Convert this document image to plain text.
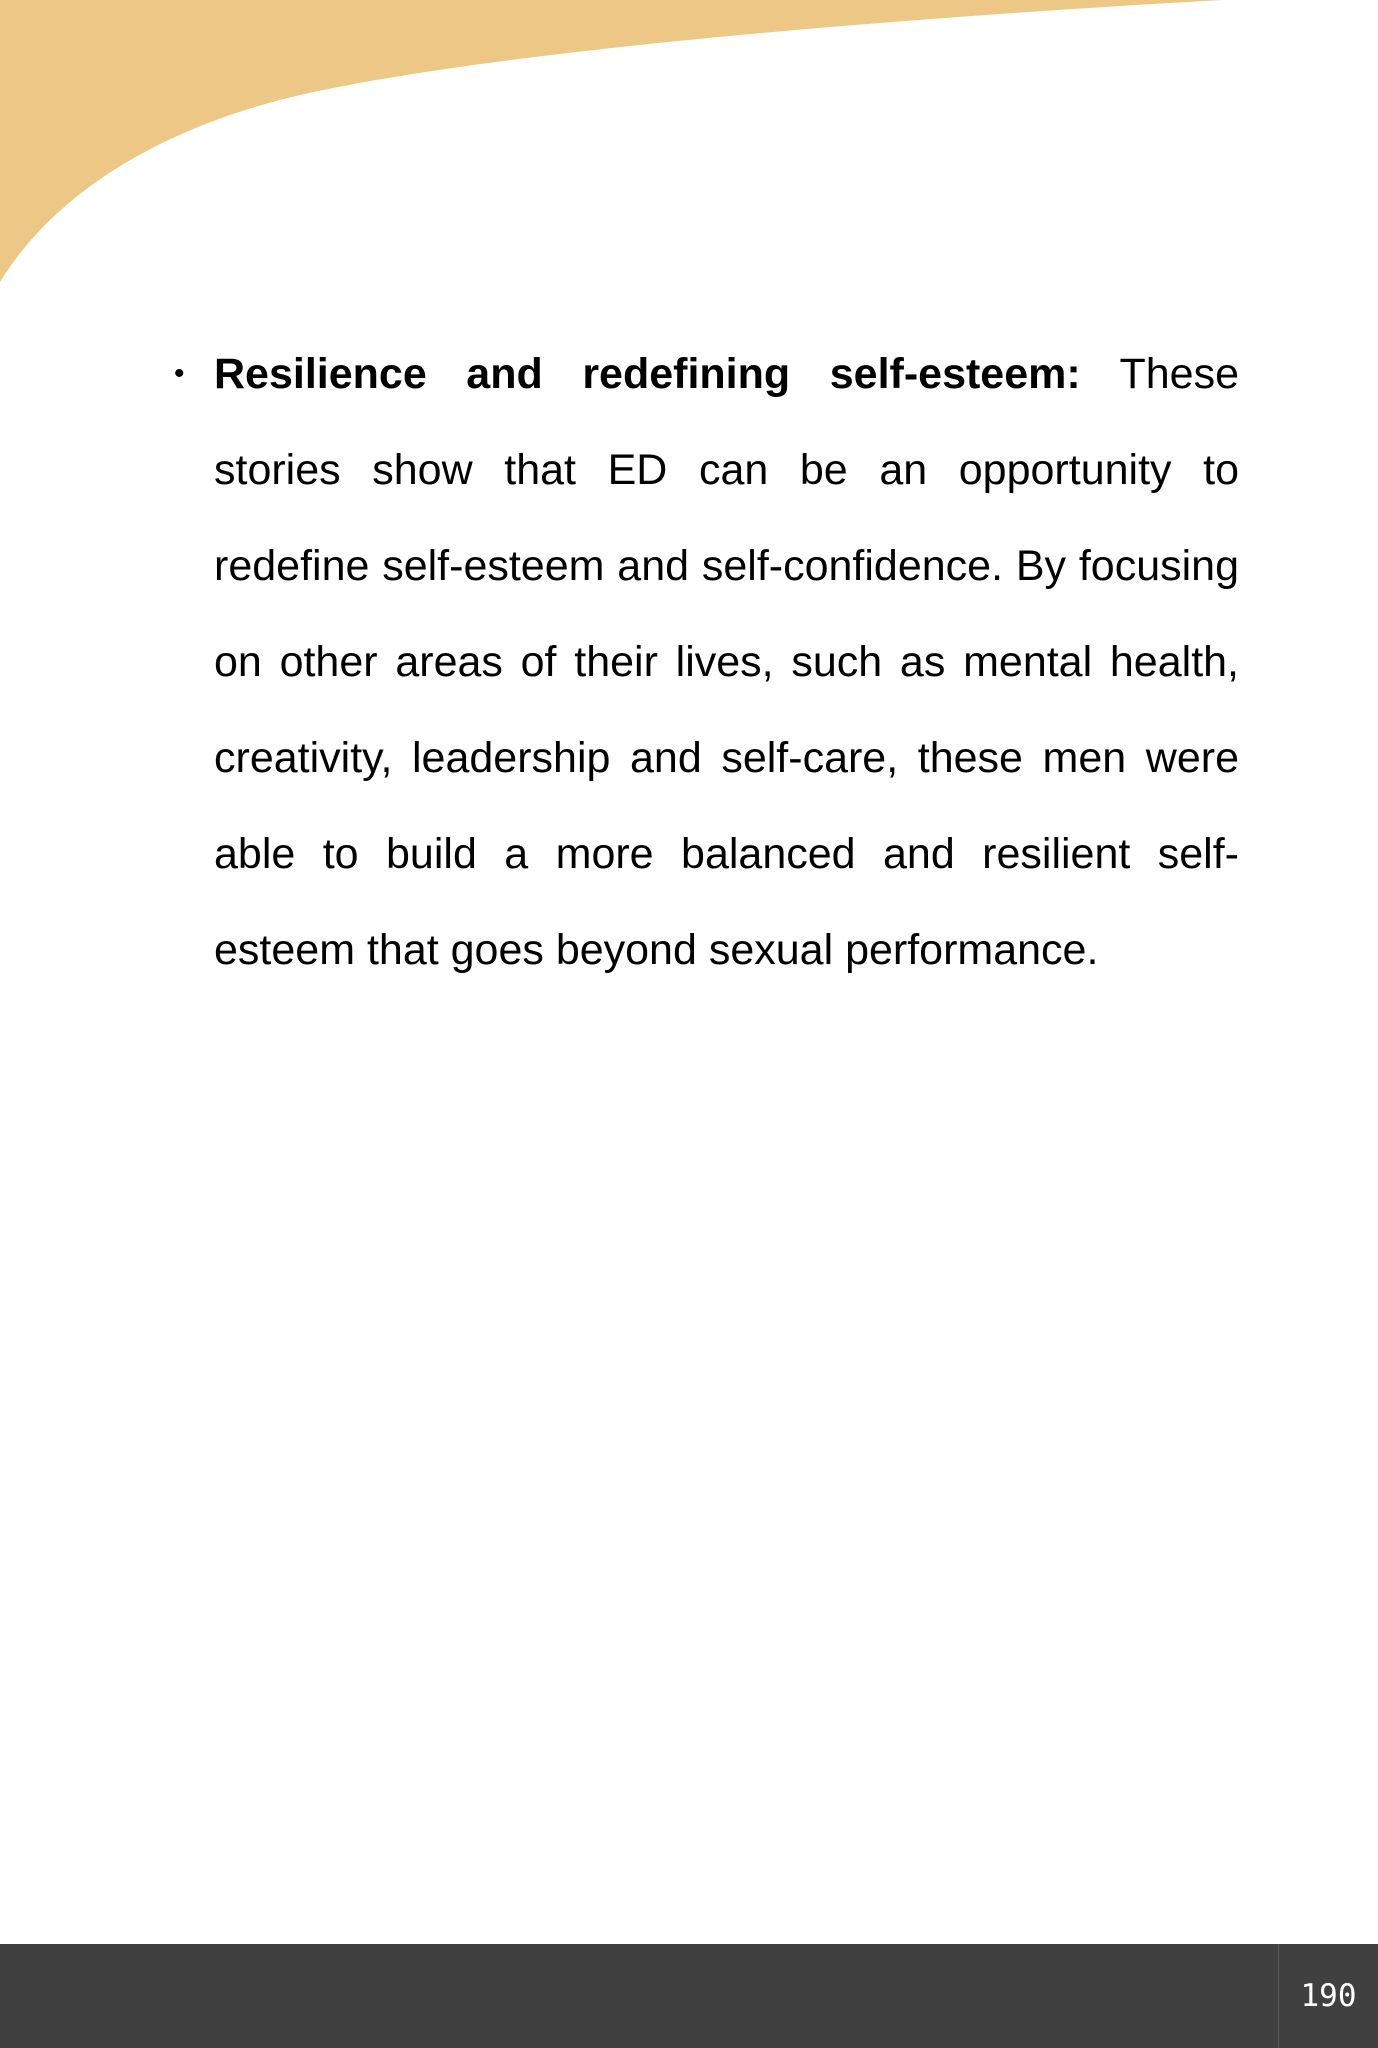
• Resilience and redefining self-esteem: These stories show that ED can be an opportunity to redefine self-esteem and self-confidence. By focusing on other areas of their lives, such as mental health, creativity, leadership and self-care, these men were able to build a more balanced and resilient self-esteem that goes beyond sexual performance.
190
